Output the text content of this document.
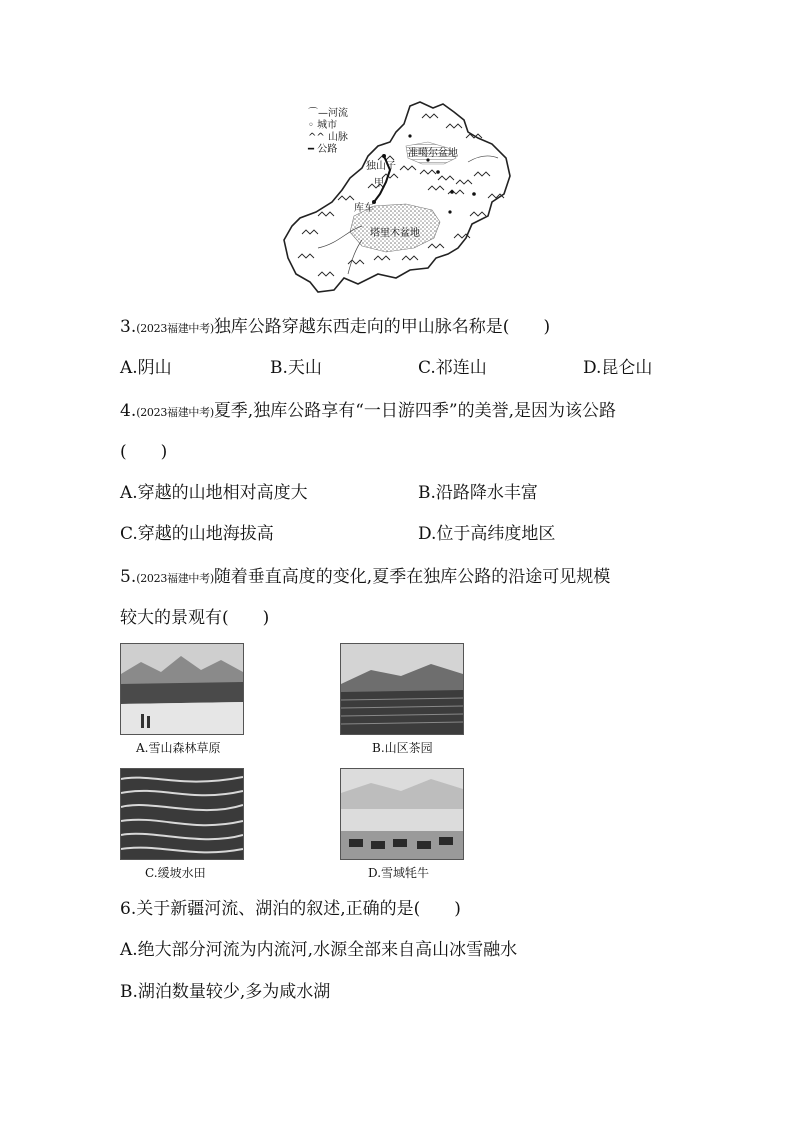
⌒—河流
◦ 城市
^^ 山脉
━ 公路	准噶尔盆地
独山子
甲
库车
塔里木盆地
3.(2023福建中考)独库公路穿越东西走向的甲山脉名称是(　　)
A.阴山	B.天山	C.祁连山	D.昆仑山
4.(2023福建中考)夏季,独库公路享有“一日游四季”的美誉,是因为该公路
(　　)
A.穿越的山地相对高度大	B.沿路降水丰富
C.穿越的山地海拔高	D.位于高纬度地区
5.(2023福建中考)随着垂直高度的变化,夏季在独库公路的沿途可见规模
较大的景观有(　　)
A.雪山森林草原	B.山区茶园
C.缓坡水田	D.雪域牦牛
6.关于新疆河流、湖泊的叙述,正确的是(　　)
A.绝大部分河流为内流河,水源全部来自高山冰雪融水
B.湖泊数量较少,多为咸水湖
